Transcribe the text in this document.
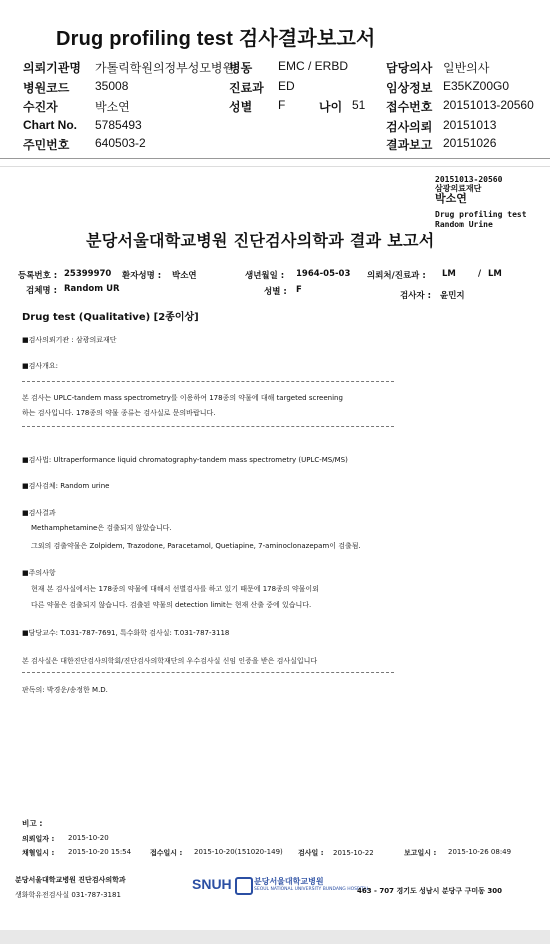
Drug profiling test 검사결과보고서
의뢰기관명 가톨릭학원의정부성모병원
병동 EMC / ERBD	담당의사 일반의사
병원코드 35008	진료과 ED	임상정보 E35KZ00G0
수진자	박소연	성별 F	나이 51 접수번호 20151013-20560
Chart No. 5785493	검사의뢰 20151013
주민번호 640503-2	결과보고 20151026
20151013-20560
삼광의료재단
박소연
Drug profiling test
Random Urine
분당서울대학교병원 진단검사의학과 결과 보고서
등록번호 : 25399970 환자성명 : 박소연	생년월일 : 1964-05-03 의뢰처/진료과 : LM	/ LM
검체명 : Random UR	성별 : F
검사자 : 윤민지
Drug test (Qualitative) [2종이상]
■검사의뢰기관 : 삼광의료재단
■검사개요:
본 검사는 UPLC-tandem mass spectrometry를 이용하여 178종의 약물에 대해 targeted screening
하는 검사입니다. 178종의 약물 종류는 검사실로 문의바랍니다.
■검사법: Ultraperformance liquid chromatography-tandem mass spectrometry (UPLC-MS/MS)
■검사검체: Random urine
■검사결과
Methamphetamine은 검출되지 않았습니다.
그외의 검출약물은 Zolpidem, Trazodone, Paracetamol, Quetiapine, 7-aminoclonazepam이 검출됨.
■주의사항
현재 본 검사실에서는 178종의 약물에 대해서 선별검사를 하고 있기 때문에 178종의 약물이외
다른 약물은 검출되지 않습니다. 검출된 약물의 detection limit는 현재 산출 중에 있습니다.
■담당교수: T.031-787-7691, 특수화학 검사실: T.031-787-3118
본 검사실은 대한진단검사의학회/진단검사의학재단의 우수검사실 신임 인증을 받은 검사실입니다
판독의: 박경운/송정한 M.D.
비고 :
의뢰일자 : 2015-10-20
채혈일시 : 2015-10-20 15:54	접수일시 : 2015-10-20(151020-149) 검사일 : 2015-10-22	보고일시 : 2015-10-26 08:49
분당서울대학교병원 진단검사의학과
생화학유전검사실 031-787-3181
SNUH	분당서울대학교병원
SEOUL NATIONAL UNIVERSITY BUNDANG HOSPITAL
463 - 707 경기도 성남시 분당구 구미동 300
